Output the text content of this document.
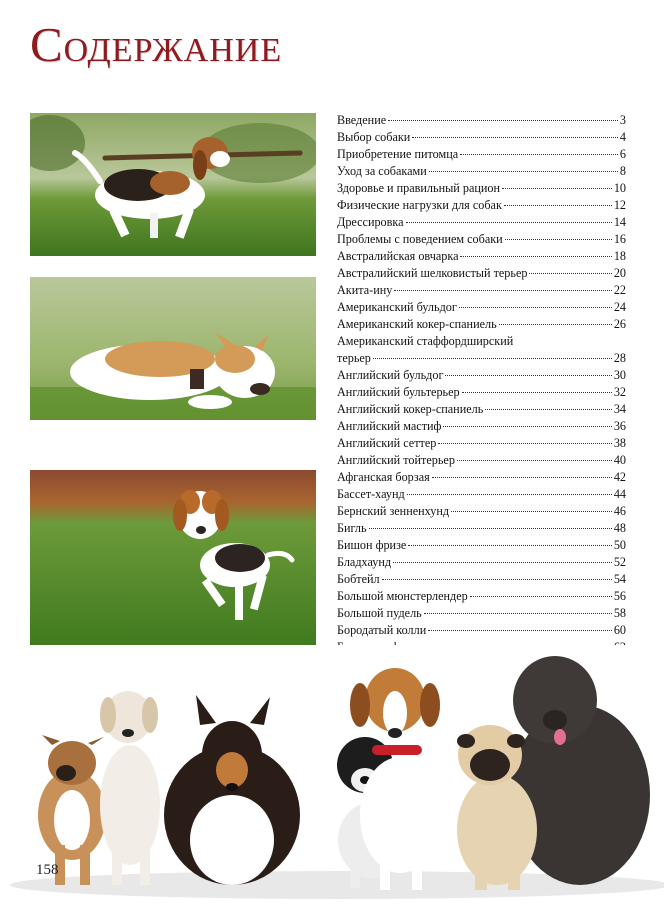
Содержание
Введение	3
Выбор собаки	4
Приобретение питомца	6
Уход за собаками	8
Здоровье и правильный рацион	10
Физические нагрузки для собак	12
Дрессировка	14
Проблемы с поведением собаки	16
Австралийская овчарка	18
Австралийский шелковистый терьер	20
Акита-ину	22
Американский бульдог	24
Американский кокер-спаниель	26
Американский стаффордширский
терьер	28
Английский бульдог	30
Английский бультерьер	32
Английский кокер-спаниель	34
Английский мастиф	36
Английский сеттер	38
Английский тойтерьер	40
Афганская борзая	42
Бассет-хаунд	44
Бернский зенненхунд	46
Бигль	48
Бишон фризе	50
Бладхаунд	52
Бобтейл	54
Большой мюнстерлендер	56
Большой пудель	58
Бородатый колли	60
158
